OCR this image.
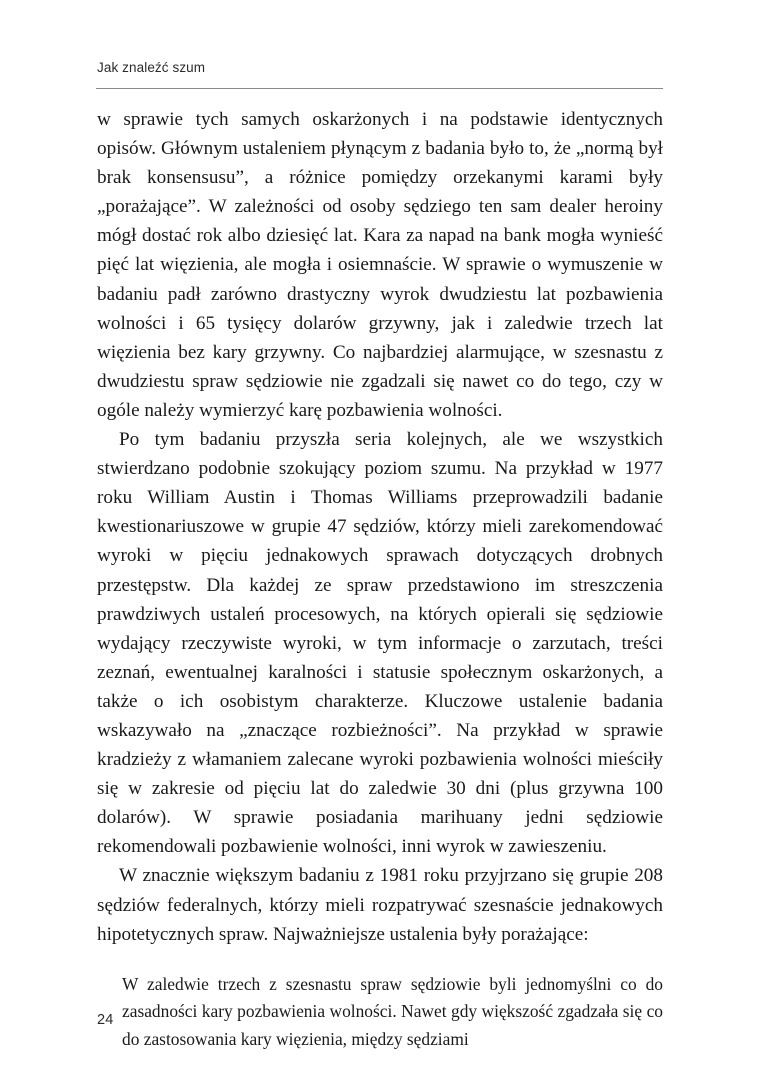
Jak znaleźć szum

w sprawie tych samych oskarżonych i na podstawie identycznych opisów. Głównym ustaleniem płynącym z badania było to, że „normą był brak konsensusu”, a różnice pomiędzy orzekanymi karami były „porażające”. W zależności od osoby sędziego ten sam dealer heroiny mógł dostać rok albo dziesięć lat. Kara za napad na bank mogła wynieść pięć lat więzienia, ale mogła i osiemnaście. W sprawie o wymuszenie w badaniu padł zarówno drastyczny wyrok dwudziestu lat pozbawienia wolności i 65 tysięcy dolarów grzywny, jak i zaledwie trzech lat więzienia bez kary grzywny. Co najbardziej alarmujące, w szesnastu z dwudziestu spraw sędziowie nie zgadzali się nawet co do tego, czy w ogóle należy wymierzyć karę pozbawienia wolności.

Po tym badaniu przyszła seria kolejnych, ale we wszystkich stwierdzano podobnie szokujący poziom szumu. Na przykład w 1977 roku William Austin i Thomas Williams przeprowadzili badanie kwestionariuszowe w grupie 47 sędziów, którzy mieli zarekomendować wyroki w pięciu jednakowych sprawach dotyczących drobnych przestępstw. Dla każdej ze spraw przedstawiono im streszczenia prawdziwych ustaleń procesowych, na których opierali się sędziowie wydający rzeczywiste wyroki, w tym informacje o zarzutach, treści zeznań, ewentualnej karalności i statusie społecznym oskarżonych, a także o ich osobistym charakterze. Kluczowe ustalenie badania wskazywało na „znaczące rozbieżności”. Na przykład w sprawie kradzieży z włamaniem zalecane wyroki pozbawienia wolności mieściły się w zakresie od pięciu lat do zaledwie 30 dni (plus grzywna 100 dolarów). W sprawie posiadania marihuany jedni sędziowie rekomendowali pozbawienie wolności, inni wyrok w zawieszeniu.

W znacznie większym badaniu z 1981 roku przyjrzano się grupie 208 sędziów federalnych, którzy mieli rozpatrywać szesnaście jednakowych hipotetycznych spraw. Najważniejsze ustalenia były porażające:

W zaledwie trzech z szesnastu spraw sędziowie byli jednomyślni co do zasadności kary pozbawienia wolności. Nawet gdy większość zgadzała się co do zastosowania kary więzienia, między sędziami

24
